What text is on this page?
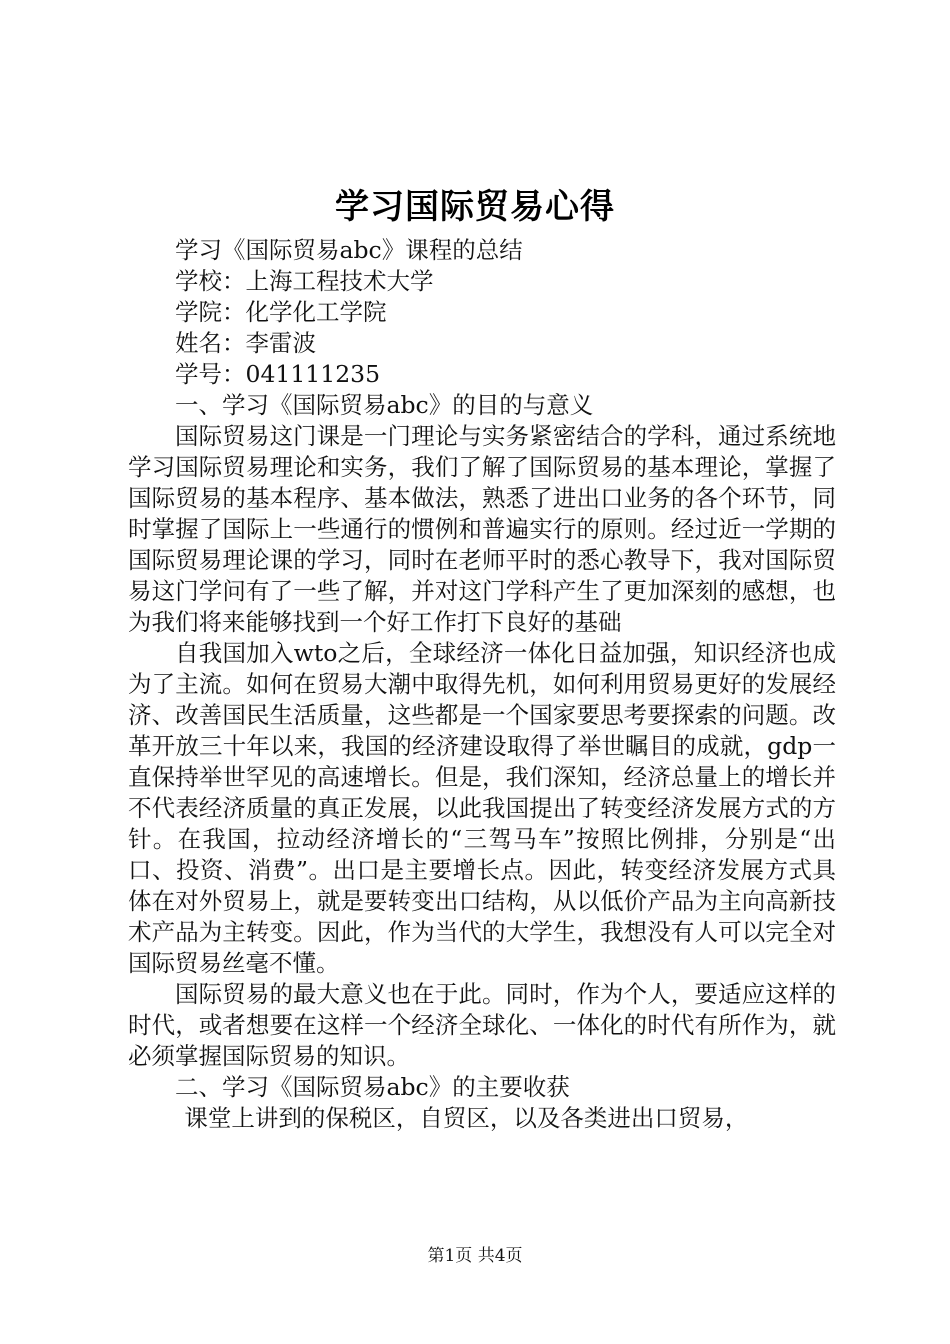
学习国际贸易心得
学习《国际贸易abc》课程的总结
学校：上海工程技术大学
学院：化学化工学院
姓名：李雷波
学号：041111235
一、学习《国际贸易abc》的目的与意义

国际贸易这门课是一门理论与实务紧密结合的学科，通过系统地学习国际贸易理论和实务，我们了解了国际贸易的基本理论，掌握了国际贸易的基本程序、基本做法，熟悉了进出口业务的各个环节，同时掌握了国际上一些通行的惯例和普遍实行的原则。经过近一学期的国际贸易理论课的学习，同时在老师平时的悉心教导下，我对国际贸易这门学问有了一些了解，并对这门学科产生了更加深刻的感想，也为我们将来能够找到一个好工作打下良好的基础

自我国加入wto之后，全球经济一体化日益加强，知识经济也成为了主流。如何在贸易大潮中取得先机，如何利用贸易更好的发展经济、改善国民生活质量，这些都是一个国家要思考要探索的问题。改革开放三十年以来，我国的经济建设取得了举世瞩目的成就，gdp一直保持举世罕见的高速增长。但是，我们深知，经济总量上的增长并不代表经济质量的真正发展，以此我国提出了转变经济发展方式的方针。在我国，拉动经济增长的“三驾马车”按照比例排，分别是“出口、投资、消费”。出口是主要增长点。因此，转变经济发展方式具体在对外贸易上，就是要转变出口结构，从以低价产品为主向高新技术产品为主转变。因此，作为当代的大学生，我想没有人可以完全对国际贸易丝毫不懂。

国际贸易的最大意义也在于此。同时，作为个人，要适应这样的时代，或者想要在这样一个经济全球化、一体化的时代有所作为，就必须掌握国际贸易的知识。

二、学习《国际贸易abc》的主要收获

课堂上讲到的保税区，自贸区，以及各类进出口贸易，

第1页 共4页
